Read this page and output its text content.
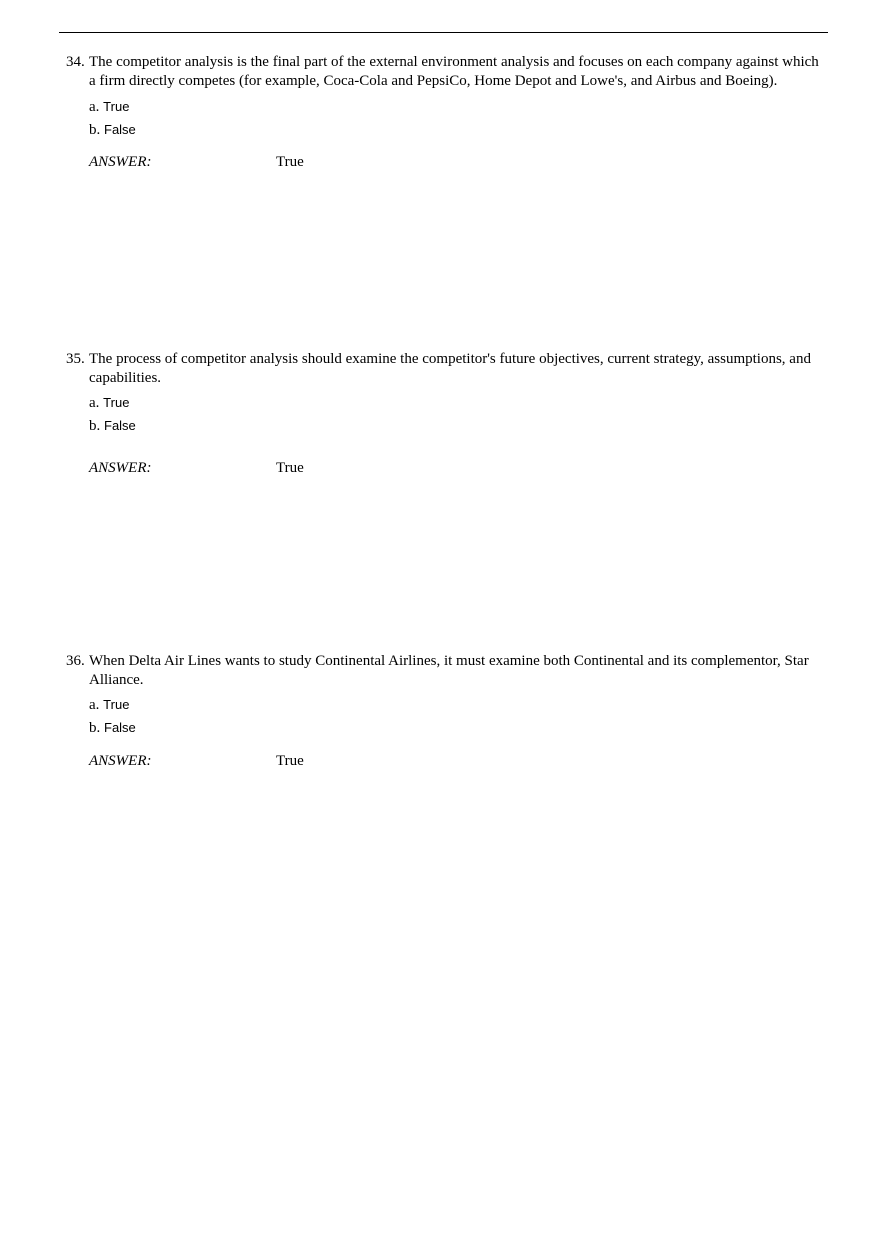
34. The competitor analysis is the final part of the external environment analysis and focuses on each company against which a firm directly competes (for example, Coca-Cola and PepsiCo, Home Depot and Lowe's, and Airbus and Boeing).
a. True
b. False
ANSWER:	True
35. The process of competitor analysis should examine the competitor's future objectives, current strategy, assumptions, and capabilities.
a. True
b. False
ANSWER:	True
36. When Delta Air Lines wants to study Continental Airlines, it must examine both Continental and its complementor, Star Alliance.
a. True
b. False
ANSWER:	True
